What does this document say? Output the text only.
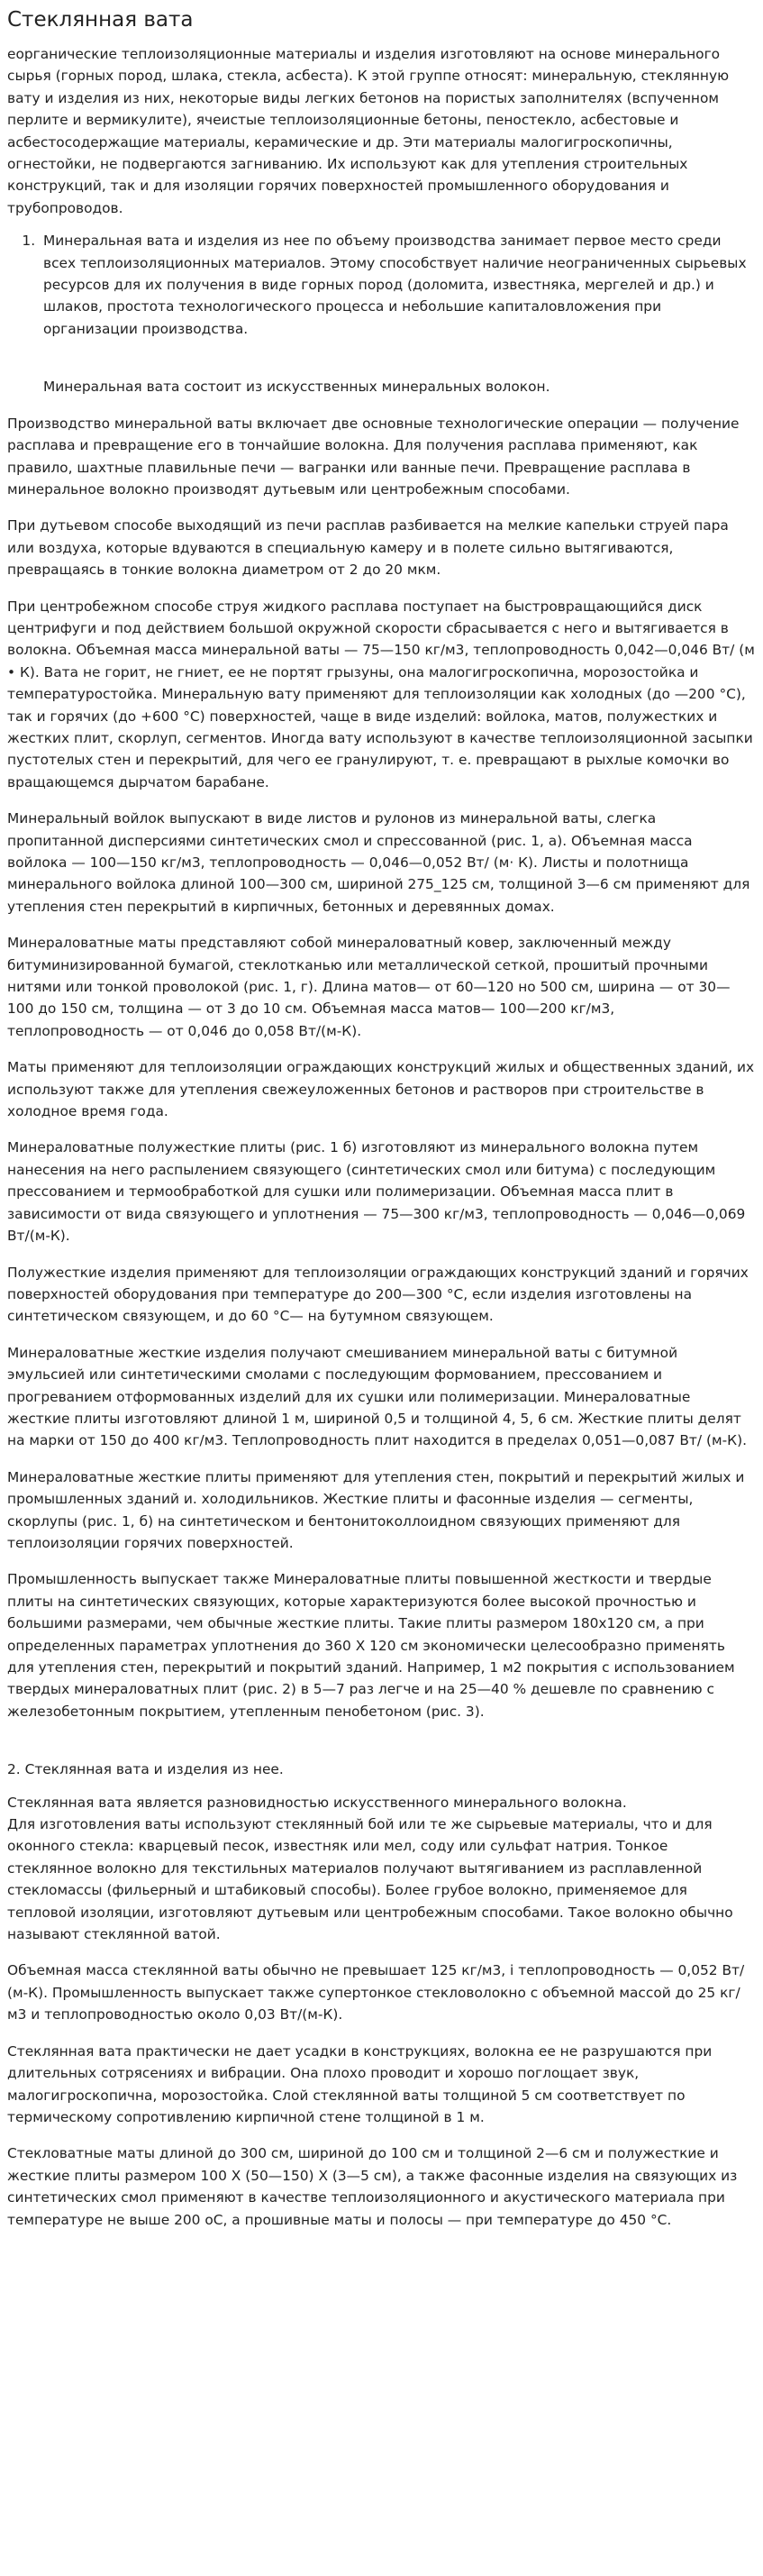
Стеклянная вата

еорганические теплоизоляционные материалы и изделия изготовляют на основе минерального сырья (горных пород, шлака, стекла, асбеста). К этой группе относят: минеральную, стеклянную вату и изделия из них, некоторые виды легких бетонов на пористых заполнителях (вспученном перлите и вермикулите), ячеистые теплоизоляционные бетоны, пеностекло, асбестовые и асбестосодержащие материалы, керамические и др. Эти материалы малогигроскопичны, огнестойки, не подвергаются загниванию. Их используют как для утепления строительных конструкций, так и для изоляции горячих поверхностей промышленного оборудования и трубопроводов.

1. Минеральная вата и изделия из нее по объему производства занимает первое место среди всех теплоизоляционных материалов. Этому способствует наличие неограниченных сырьевых ресурсов для их получения в виде горных пород (доломита, известняка, мергелей и др.) и шлаков, простота технологического процесса и небольшие капиталовложения при организации производства.

Минеральная вата состоит из искусственных минеральных волокон.

Производство минеральной ваты включает две основные технологические операции — получение расплава и превращение его в тончайшие волокна. Для получения расплава применяют, как правило, шахтные плавильные печи — вагранки или ванные печи. Превращение расплава в минеральное волокно производят дутьевым или центробежным способами.

При дутьевом способе выходящий из печи расплав разбивается на мелкие капельки струей пара или воздуха, которые вдуваются в специальную камеру и в полете сильно вытягиваются, превращаясь в тонкие волокна диаметром от 2 до 20 мкм.

При центробежном способе струя жидкого расплава поступает на быстровращающийся диск центрифуги и под действием большой окружной скорости сбрасывается с него и вытягивается в волокна. Объемная масса минеральной ваты — 75—150 кг/м3, теплопроводность 0,042—0,046 Вт/ (м • К). Вата не горит, не гниет, ее не портят грызуны, она малогигроскопична, морозостойка и температуростойка. Минеральную вату применяют для теплоизоляции как холодных (до —200 °С), так и горячих (до +600 °С) поверхностей, чаще в виде изделий: войлока, матов, полужестких и жестких плит, скорлуп, сегментов. Иногда вату используют в качестве теплоизоляционной засыпки пустотелых стен и перекрытий, для чего ее гранулируют, т. е. превращают в рыхлые комочки во вращающемся дырчатом барабане.

Минеральный войлок выпускают в виде листов и рулонов из минеральной ваты, слегка пропитанной дисперсиями синтетических смол и спрессованной (рис. 1, а). Объемная масса войлока — 100—150 кг/м3, теплопроводность — 0,046—0,052 Вт/ (м· К). Листы и полотнища минерального войлока длиной 100—300 см, шириной 275_125 см, толщиной 3—6 см применяют для утепления стен перекрытий в кирпичных, бетонных и деревянных домах.

Минераловатные маты представляют собой минераловатный ковер, заключенный между битуминизированной бумагой, стеклотканью или металлической сеткой, прошитый прочными нитями или тонкой проволокой (рис. 1, г). Длина матов— от 60—120 но 500 см, ширина — от 30—100 до 150 см, толщина — от 3 до 10 см. Объемная масса матов— 100—200 кг/м3, теплопроводность — от 0,046 до 0,058 Вт/(м-К).

Маты применяют для теплоизоляции ограждающих конструкций жилых и общественных зданий, их используют также для утепления свежеуложенных бетонов и растворов при строительстве в холодное время года.

Минераловатные полужесткие плиты (рис. 1 б) изготовляют из минерального волокна путем нанесения на него распылением связующего (синтетических смол или битума) с последующим прессованием и термообработкой для сушки или полимеризации. Объемная масса плит в зависимости от вида связующего и уплотнения — 75—300 кг/м3, теплопроводность — 0,046—0,069 Вт/(м-К).

Полужесткие изделия применяют для теплоизоляции ограждающих конструкций зданий и горячих поверхностей оборудования при температуре до 200—300 °С, если изделия изготовлены на синтетическом связующем, и до 60 °С— на бутумном связующем.

Минераловатные жесткие изделия получают смешиванием минеральной ваты с битумной эмульсией или синтетическими смолами с последующим формованием, прессованием и прогреванием отформованных изделий для их сушки или полимеризации. Минераловатные жесткие плиты изготовляют длиной 1 м, шириной 0,5 и толщиной 4, 5, 6 см. Жесткие плиты делят на марки от 150 до 400 кг/м3. Теплопроводность плит находится в пределах 0,051—0,087 Вт/ (м-К).

Минераловатные жесткие плиты применяют для утепления стен, покрытий и перекрытий жилых и промышленных зданий и. холодильников. Жесткие плиты и фасонные изделия — сегменты, скорлупы (рис. 1, б) на синтетическом и бентонитоколлоидном связующих применяют для теплоизоляции горячих поверхностей.

Промышленность выпускает также Минераловатные плиты повышенной жесткости и твердые плиты на синтетических связующих, которые характеризуются более высокой прочностью и большими размерами, чем обычные жесткие плиты. Такие плиты размером 180х120 см, а при определенных параметрах уплотнения до 360 Х 120 см экономически целесообразно применять для утепления стен, перекрытий и покрытий зданий. Например, 1 м2 покрытия с использованием твердых минераловатных плит (рис. 2) в 5—7 раз легче и на 25—40 % дешевле по сравнению с железобетонным покрытием, утепленным пенобетоном (рис. 3).

2. Стеклянная вата и изделия из нее.

Стеклянная вата является разновидностью искусственного минерального волокна.

Для изготовления ваты используют стеклянный бой или те же сырьевые материалы, что и для оконного стекла: кварцевый песок, известняк или мел, соду или сульфат натрия. Тонкое стеклянное волокно для текстильных материалов получают вытягиванием из расплавленной стекломассы (фильерный и штабиковый способы). Более грубое волокно, применяемое для тепловой изоляции, изготовляют дутьевым или центробежным способами. Такое волокно обычно называют стеклянной ватой.

Объемная масса стеклянной ваты обычно не превышает 125 кг/м3, і теплопроводность — 0,052 Вт/ (м-К). Промышленность выпускает также супертонкое стекловолокно с объемной массой до 25 кг/м3 и теплопроводностью около 0,03 Вт/(м-К).

Стеклянная вата практически не дает усадки в конструкциях, волокна ее не разрушаются при длительных сотрясениях и вибрации. Она плохо проводит и хорошо поглощает звук, малогигроскопична, морозостойка. Слой стеклянной ваты толщиной 5 см соответствует по термическому сопротивлению кирпичной стене толщиной в 1 м.

Стекловатные маты длиной до 300 см, шириной до 100 см и толщиной 2—6 см и полужесткие и жесткие плиты размером 100 Х (50—150) Х (3—5 см), а также фасонные изделия на связующих из синтетических смол применяют в качестве теплоизоляционного и акустического материала при температуре не выше 200 оС, а прошивные маты и полосы — при температуре до 450 °С.
